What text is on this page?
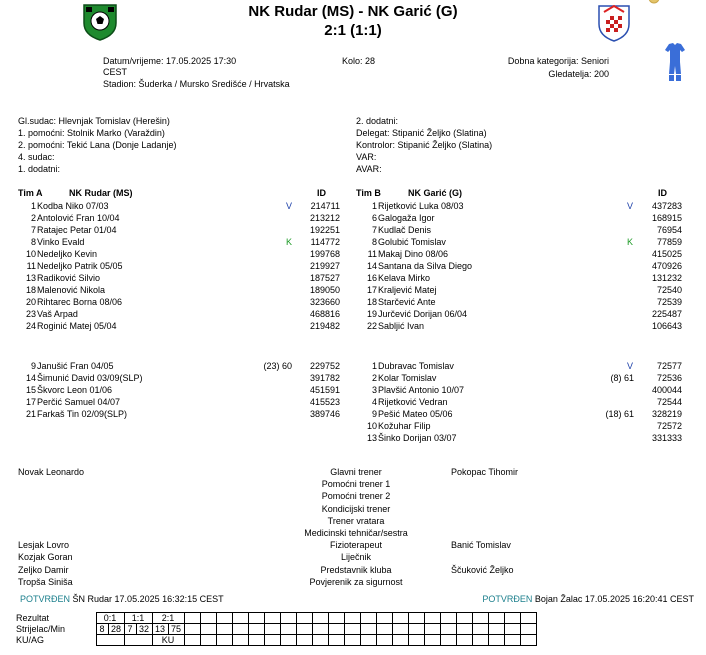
NK Rudar (MS) - NK Garić (G)
2:1 (1:1)
Datum/vrijeme: 17.05.2025 17:30
CEST
Stadion: Šuderka / Mursko Središće / Hrvatska
Kolo: 28	Dobna kategorija: Seniori
Gledatelja: 200
Gl.sudac: Hlevnjak Tomislav (Herešin)
1. pomoćni: Stolnik Marko (Varaždin)
2. pomoćni: Tekić Lana (Donje Ladanje)
4. sudac:
1. dodatni:
2. dodatni:
Delegat: Stipanić Željko (Slatina)
Kontrolor: Stipanić Željko (Slatina)
VAR:
AVAR:
Tim A	NK Rudar (MS)	ID	Tim B	NK Garić (G)	ID
1 Kodba Niko 07/03	V	214711
2 Antolović Fran 10/04	213212
7 Ratajec Petar 01/04	192251
8 Vinko Evald	K	114772
10 Nedeljko Kevin	199768
11 Nedeljko Patrik 05/05	219927
13 Radiković Silvio	187527
18 Malenović Nikola	189050
20 Rihtarec Borna 08/06	323660
23 Vaš Arpad	468816
24 Roginić Matej 05/04	219482
9 Janušić Fran 04/05	(23) 60	229752
14 Šimunić David 03/09(SLP)	391782
15 Škvorc Leon 01/06	451591
17 Perčić Samuel 04/07	415523
21 Farkaš Tin 02/09(SLP)	389746
1 Rijetković Luka 08/03	V	437283
6 Galogaža Igor	168915
7 Kudlač Denis	76954
8 Golubić Tomislav	K	77859
11 Makaj Dino 08/06	415025
14 Santana da Silva Diego	470926
16 Kelava Mirko	131232
17 Kraljević Matej	72540
18 Starčević Ante	72539
19 Jurčević Dorijan 06/04	225487
22 Sabljić Ivan	106643
1 Dubravac Tomislav	V	72577
2 Kolar Tomislav	(8) 61	72536
3 Plavšić Antonio 10/07	400044
4 Rijetković Vedran	72544
9 Pešić Mateo 05/06	(18) 61	328219
10 Kožuhar Filip	72572
13 Šinko Dorijan 03/07	331333
Glavni trener
Novak Leonardo	Pokopac Tihomir
Pomoćni trener 1
Pomoćni trener 2
Kondicijski trener
Trener vratara
Medicinski tehničar/sestra
Fizioterapeut
Lesjak Lovro	Banić Tomislav
Liječnik
Kozjak Goran
Predstavnik kluba
Zeljko Damir	Ščuković Željko
Povjerenik za sigurnost
Tropša Siniša
POTVRĐEN ŠN Rudar 17.05.2025 16:32:15 CEST	POTVRĐEN Bojan Žalac 17.05.2025 16:20:41 CEST
Rezultat	0:1		1:1		2:1																							
Strijelac/Min	8	28	7	32	13	75																						
KU/AG					KU																							
